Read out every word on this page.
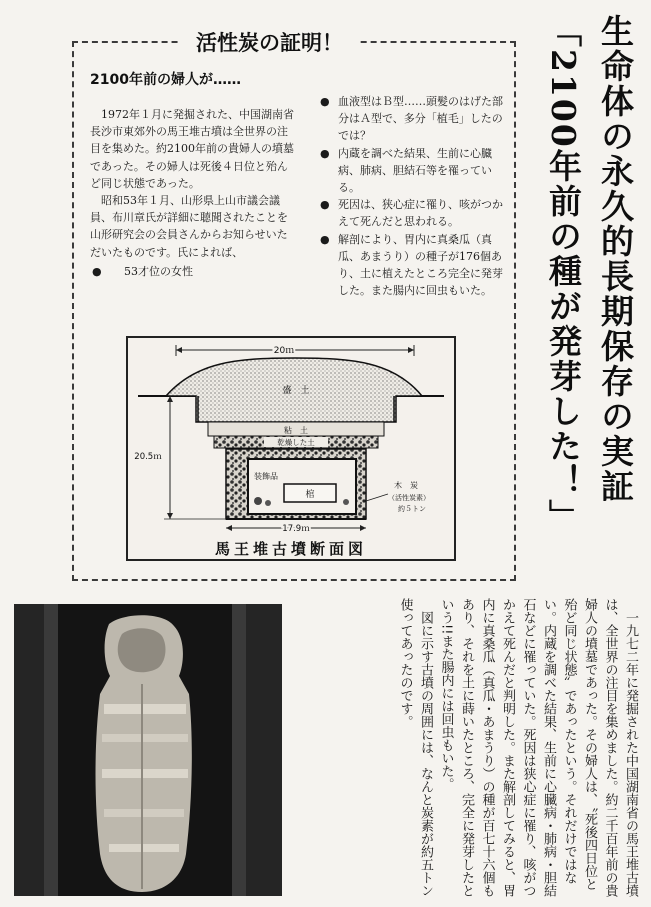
活性炭の証明！
2100年前の婦人が……

1972年１月に発掘された、中国湖南省長沙市東郊外の馬王堆古墳は全世界の注目を集めた。約2100年前の貴婦人の墳墓であった。その婦人は死後４日位と殆んど同じ状態であった。

昭和53年１月、山形県上山市議会議員、布川章氏が詳細に聴聞されたことを山形研究会の会員さんからお知らせいただいたものです。氏によれば、

● 53才位の女性

● 血液型はＢ型……頭髪のはげた部分はＡ型で、多分「植毛」したのでは？

● 内蔵を調べた結果、生前に心臓病、肺病、胆結石等を罹っている。

● 死因は、狭心症に罹り、咳がつかえて死んだと思われる。

● 解剖により、胃内に真桑瓜（真瓜、あまうり）の種子が176個あり、土に植えたところ完全に発芽した。また腸内に回虫もいた。

20ｍ
盛　土
粘　土
乾燥した土
装飾品
棺
20.5ｍ
17.9ｍ
木　炭
（活性炭素）
約５トン
馬王堆古墳断面図
生命体の永久的長期保存の実証
「2100年前の種が発芽した！」

一九七二年に発掘された中国湖南省の馬王堆古墳は、全世界の注目を集めました。約二千百年前の貴婦人の墳墓であった。その婦人は、〝死後四日位と殆ど同じ状態〟であったという。それだけではない。内蔵を調べた結果、生前に心臓病・肺病・胆結石などに罹っていた。死因は狭心症に罹り、咳がつかえて死んだと判明した。また解剖してみると、胃内に真桑瓜（真瓜・あまうり）の種が百七十六個もあり、それを土に蒔いたところ、完全に発芽したという!!また腸内には回虫もいた。

図に示す古墳の周囲には、なんと炭素が約五トン使ってあったのです。
